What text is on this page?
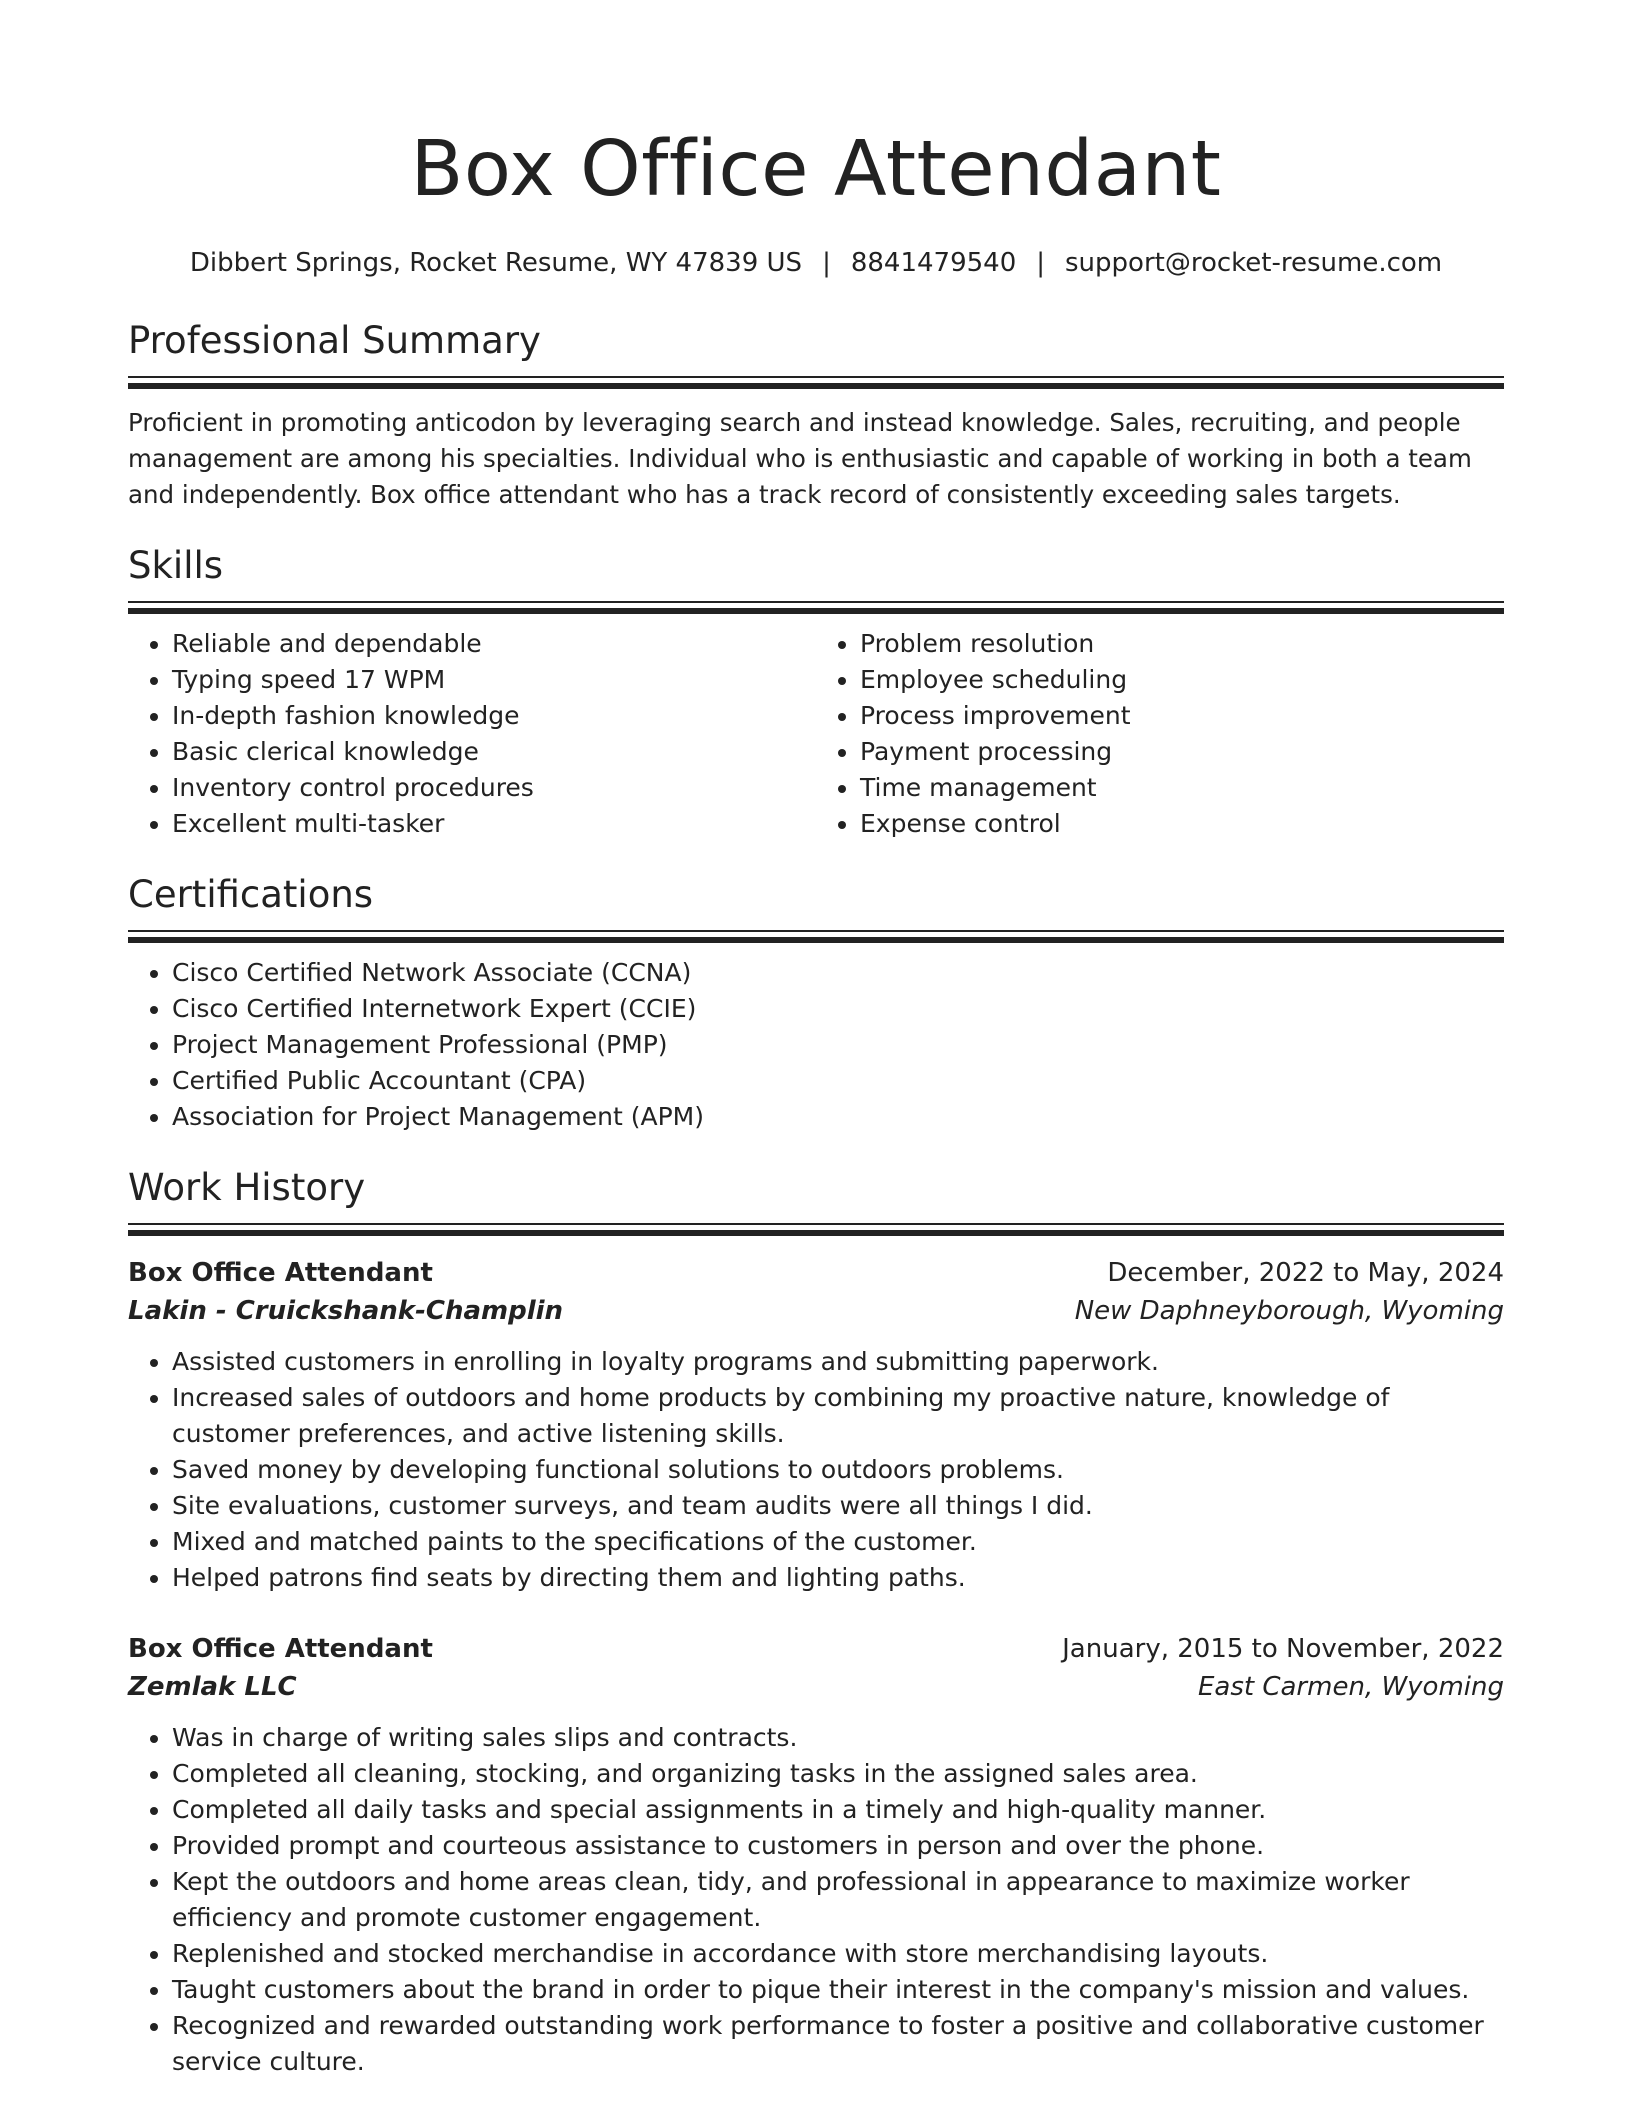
Box Office Attendant
Dibbert Springs, Rocket Resume, WY 47839 US | 8841479540 | support@rocket-resume.com
Professional Summary
Proficient in promoting anticodon by leveraging search and instead knowledge. Sales, recruiting, and people management are among his specialties. Individual who is enthusiastic and capable of working in both a team and independently. Box office attendant who has a track record of consistently exceeding sales targets.
Skills
• Reliable and dependable
• Typing speed 17 WPM
• In-depth fashion knowledge
• Basic clerical knowledge
• Inventory control procedures
• Excellent multi-tasker
• Problem resolution
• Employee scheduling
• Process improvement
• Payment processing
• Time management
• Expense control
Certifications
• Cisco Certified Network Associate (CCNA)
• Cisco Certified Internetwork Expert (CCIE)
• Project Management Professional (PMP)
• Certified Public Accountant (CPA)
• Association for Project Management (APM)
Work History
Box Office Attendant	December, 2022 to May, 2024
Lakin - Cruickshank-Champlin	New Daphneyborough, Wyoming
• Assisted customers in enrolling in loyalty programs and submitting paperwork.
• Increased sales of outdoors and home products by combining my proactive nature, knowledge of customer preferences, and active listening skills.
• Saved money by developing functional solutions to outdoors problems.
• Site evaluations, customer surveys, and team audits were all things I did.
• Mixed and matched paints to the specifications of the customer.
• Helped patrons find seats by directing them and lighting paths.
Box Office Attendant	January, 2015 to November, 2022
Zemlak LLC	East Carmen, Wyoming
• Was in charge of writing sales slips and contracts.
• Completed all cleaning, stocking, and organizing tasks in the assigned sales area.
• Completed all daily tasks and special assignments in a timely and high-quality manner.
• Provided prompt and courteous assistance to customers in person and over the phone.
• Kept the outdoors and home areas clean, tidy, and professional in appearance to maximize worker efficiency and promote customer engagement.
• Replenished and stocked merchandise in accordance with store merchandising layouts.
• Taught customers about the brand in order to pique their interest in the company's mission and values.
• Recognized and rewarded outstanding work performance to foster a positive and collaborative customer service culture.
